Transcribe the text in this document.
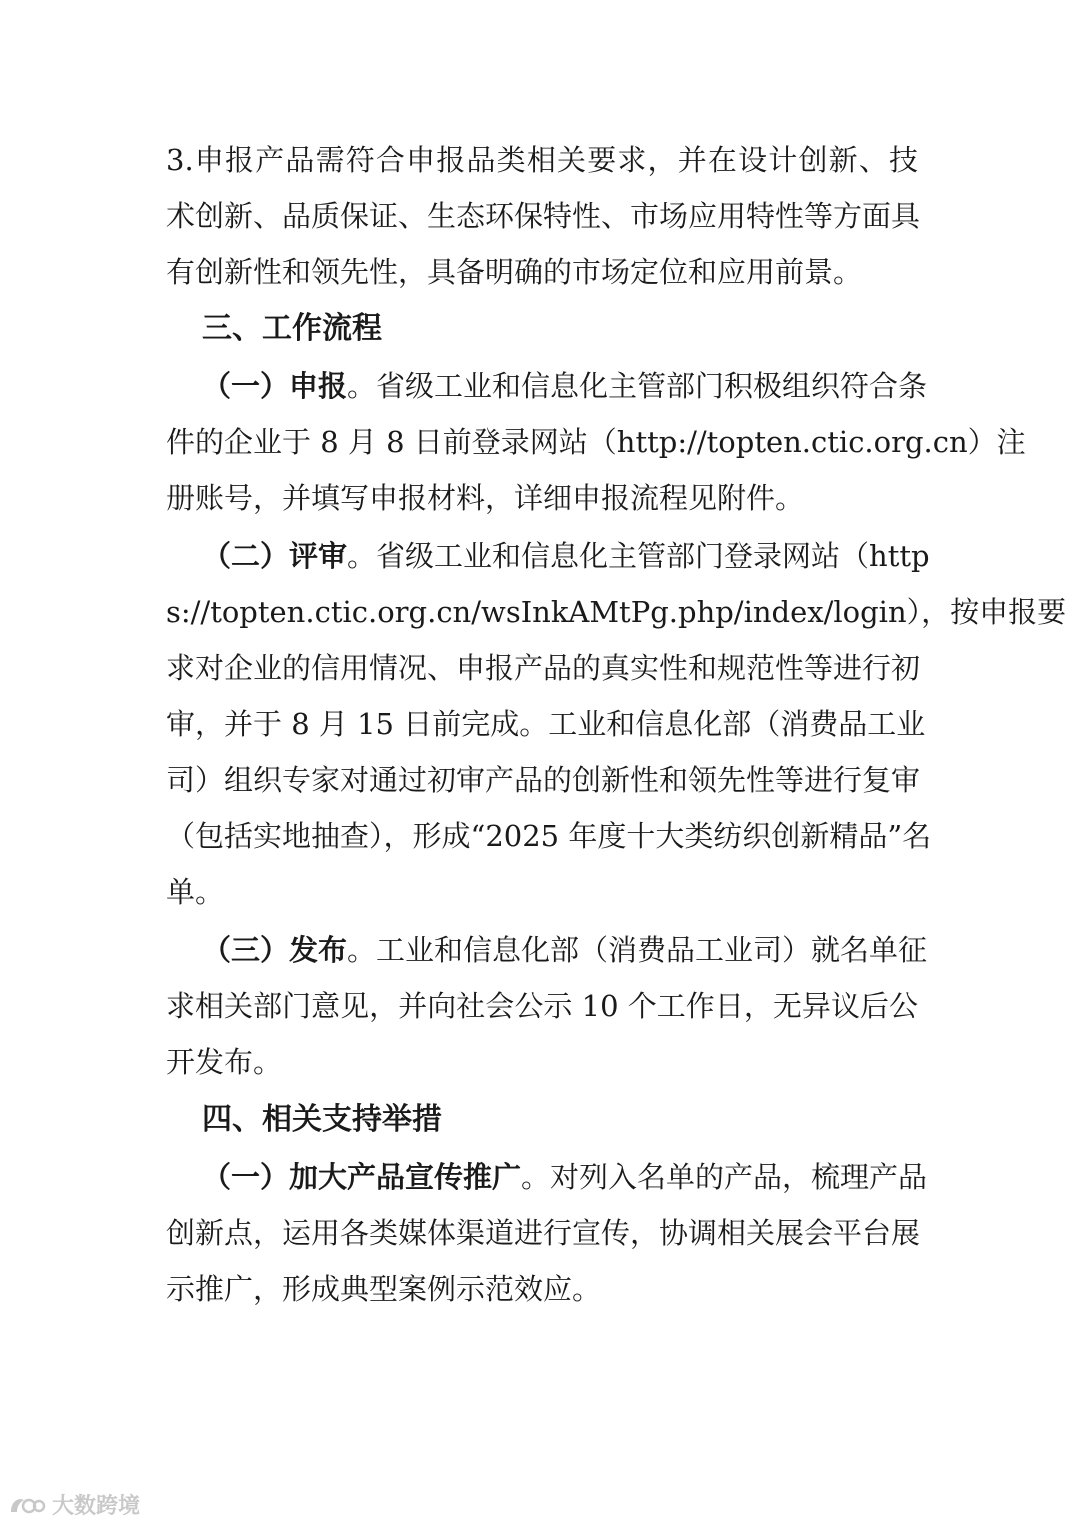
3.申报产品需符合申报品类相关要求，并在设计创新、技
术创新、品质保证、生态环保特性、市场应用特性等方面具
有创新性和领先性，具备明确的市场定位和应用前景。
三、工作流程
（一）申报。省级工业和信息化主管部门积极组织符合条
件的企业于 8 月 8 日前登录网站（http://topten.ctic.org.cn）注
册账号，并填写申报材料，详细申报流程见附件。
（二）评审。省级工业和信息化主管部门登录网站（http
s://topten.ctic.org.cn/wsInkAMtPg.php/index/login），按申报要
求对企业的信用情况、申报产品的真实性和规范性等进行初
审，并于 8 月 15 日前完成。工业和信息化部（消费品工业
司）组织专家对通过初审产品的创新性和领先性等进行复审
（包括实地抽查），形成“2025 年度十大类纺织创新精品”名
单。
（三）发布。工业和信息化部（消费品工业司）就名单征
求相关部门意见，并向社会公示 10 个工作日，无异议后公
开发布。
四、相关支持举措
（一）加大产品宣传推广。对列入名单的产品，梳理产品
创新点，运用各类媒体渠道进行宣传，协调相关展会平台展
示推广，形成典型案例示范效应。
大数跨境
